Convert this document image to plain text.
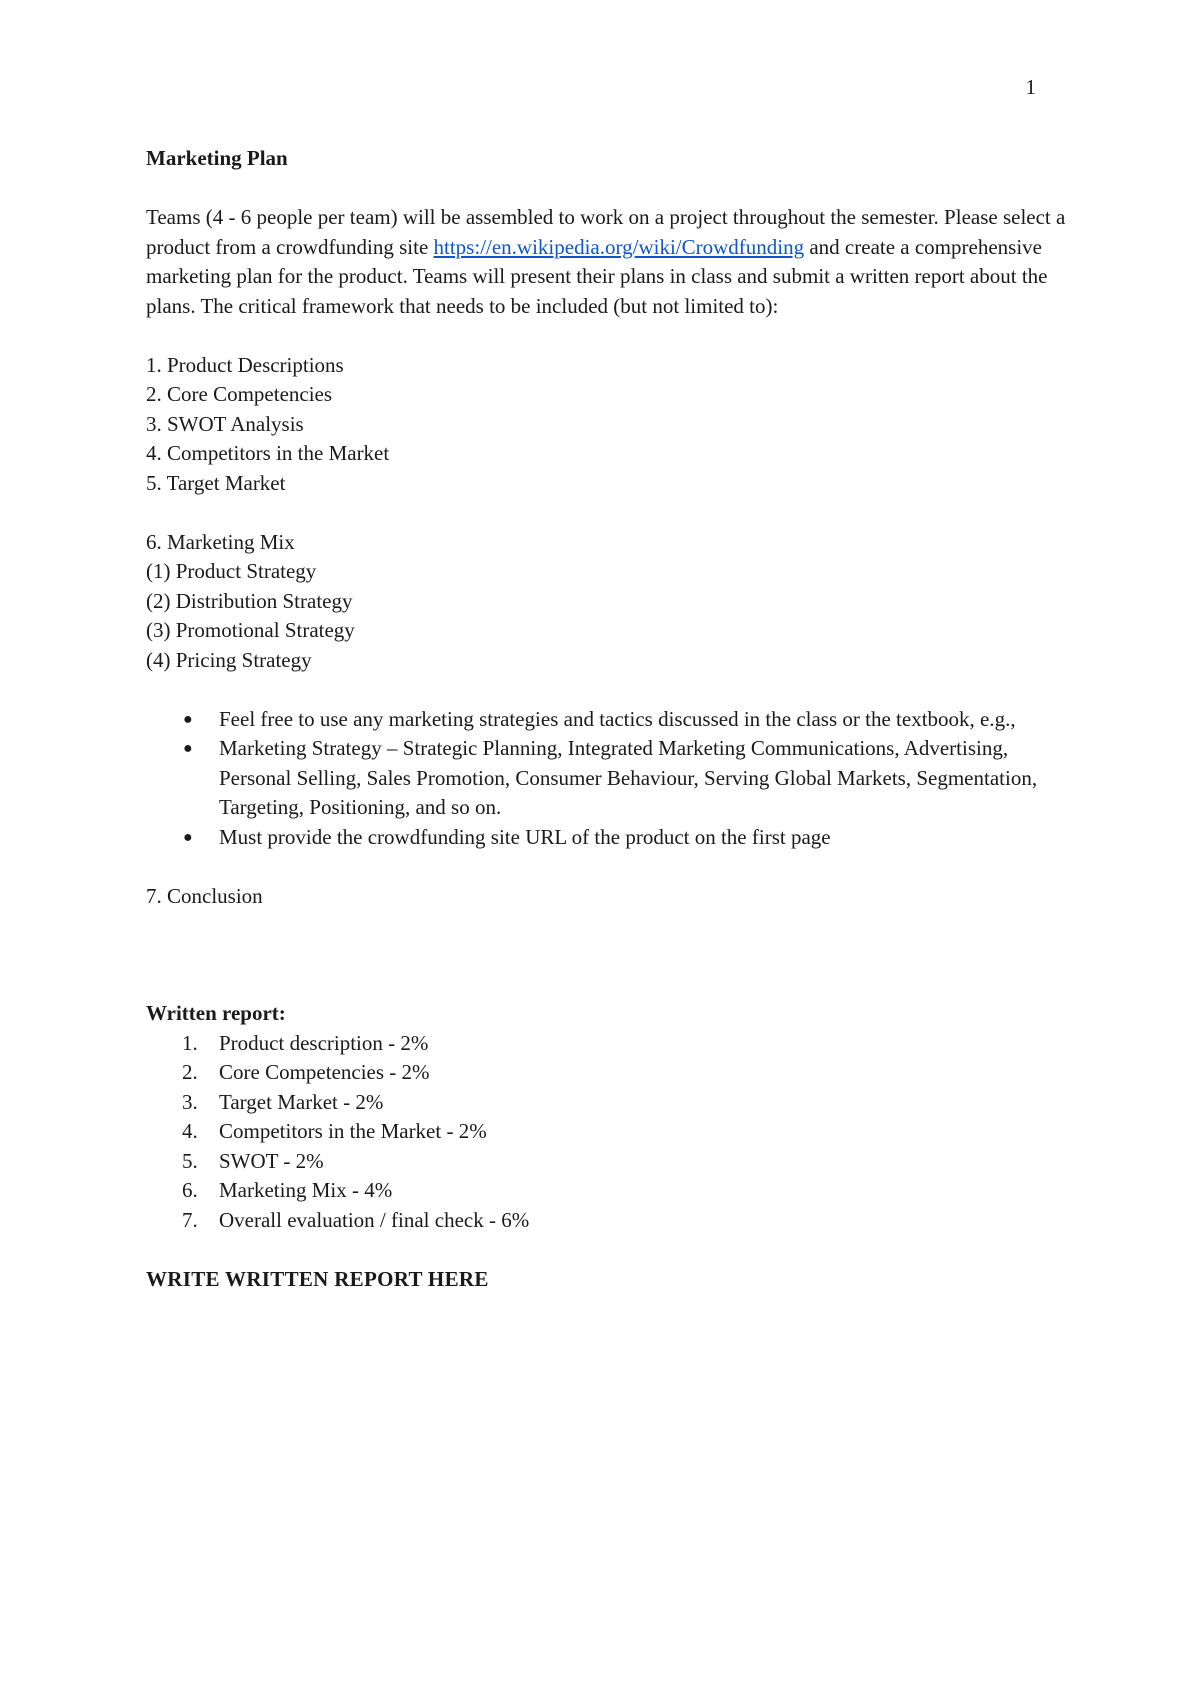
1

Marketing Plan

Teams (4 - 6 people per team) will be assembled to work on a project throughout the semester. Please select a product from a crowdfunding site https://en.wikipedia.org/wiki/Crowdfunding and create a comprehensive marketing plan for the product. Teams will present their plans in class and submit a written report about the plans. The critical framework that needs to be included (but not limited to):

1. Product Descriptions
2. Core Competencies
3. SWOT Analysis
4. Competitors in the Market
5. Target Market
6. Marketing Mix
(1) Product Strategy
(2) Distribution Strategy
(3) Promotional Strategy
(4) Pricing Strategy
● Feel free to use any marketing strategies and tactics discussed in the class or the textbook, e.g.,
● Marketing Strategy – Strategic Planning, Integrated Marketing Communications, Advertising, Personal Selling, Sales Promotion, Consumer Behaviour, Serving Global Markets, Segmentation, Targeting, Positioning, and so on.
● Must provide the crowdfunding site URL of the product on the first page
7. Conclusion
Written report:
1. Product description - 2%
2. Core Competencies - 2%
3. Target Market - 2%
4. Competitors in the Market - 2%
5. SWOT - 2%
6. Marketing Mix - 4%
7. Overall evaluation / final check - 6%
WRITE WRITTEN REPORT HERE
